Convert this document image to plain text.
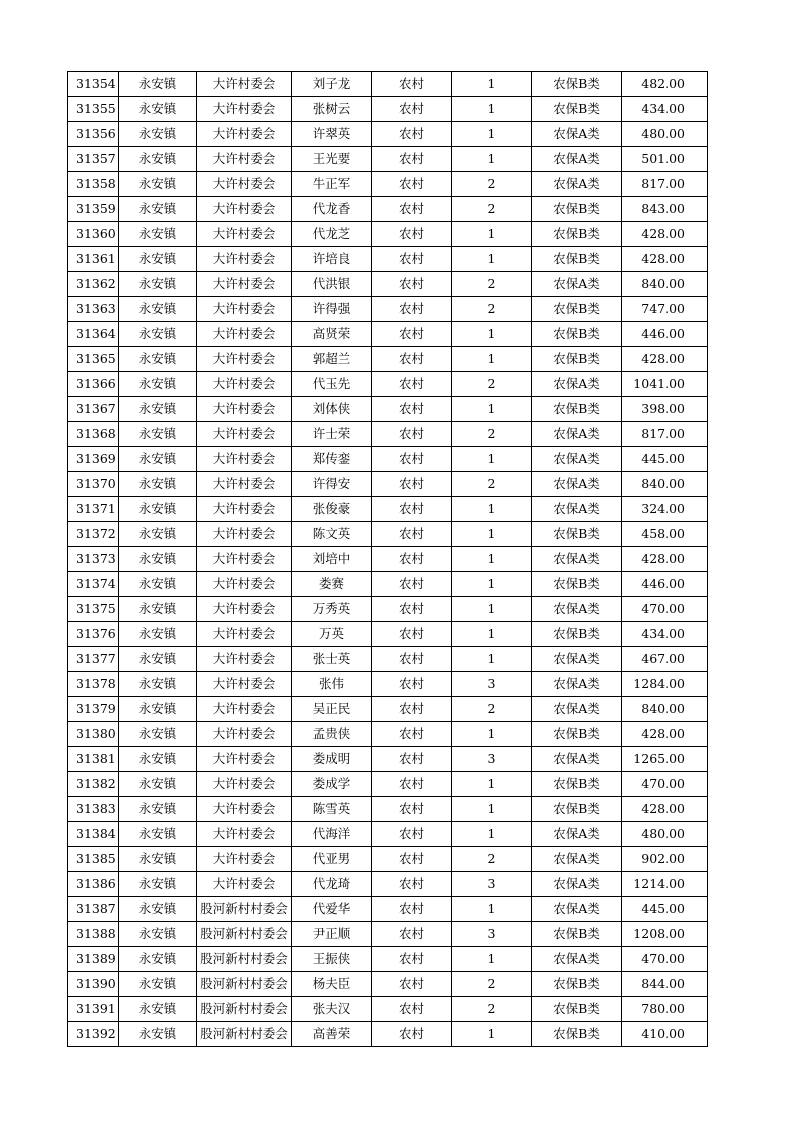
31354	永安镇	大许村委会	刘子龙	农村	1	农保B类	482.00
31355	永安镇	大许村委会	张树云	农村	1	农保B类	434.00
31356	永安镇	大许村委会	许翠英	农村	1	农保A类	480.00
31357	永安镇	大许村委会	王光要	农村	1	农保A类	501.00
31358	永安镇	大许村委会	牛正军	农村	2	农保A类	817.00
31359	永安镇	大许村委会	代龙香	农村	2	农保B类	843.00
31360	永安镇	大许村委会	代龙芝	农村	1	农保B类	428.00
31361	永安镇	大许村委会	许培良	农村	1	农保B类	428.00
31362	永安镇	大许村委会	代洪银	农村	2	农保A类	840.00
31363	永安镇	大许村委会	许得强	农村	2	农保B类	747.00
31364	永安镇	大许村委会	高贤荣	农村	1	农保B类	446.00
31365	永安镇	大许村委会	郭超兰	农村	1	农保B类	428.00
31366	永安镇	大许村委会	代玉先	农村	2	农保A类	1041.00
31367	永安镇	大许村委会	刘体侠	农村	1	农保B类	398.00
31368	永安镇	大许村委会	许士荣	农村	2	农保A类	817.00
31369	永安镇	大许村委会	郑传銮	农村	1	农保A类	445.00
31370	永安镇	大许村委会	许得安	农村	2	农保A类	840.00
31371	永安镇	大许村委会	张俊豪	农村	1	农保A类	324.00
31372	永安镇	大许村委会	陈文英	农村	1	农保B类	458.00
31373	永安镇	大许村委会	刘培中	农村	1	农保A类	428.00
31374	永安镇	大许村委会	娄赛	农村	1	农保B类	446.00
31375	永安镇	大许村委会	万秀英	农村	1	农保A类	470.00
31376	永安镇	大许村委会	万英	农村	1	农保B类	434.00
31377	永安镇	大许村委会	张士英	农村	1	农保A类	467.00
31378	永安镇	大许村委会	张伟	农村	3	农保A类	1284.00
31379	永安镇	大许村委会	吴正民	农村	2	农保A类	840.00
31380	永安镇	大许村委会	孟贵侠	农村	1	农保B类	428.00
31381	永安镇	大许村委会	娄成明	农村	3	农保A类	1265.00
31382	永安镇	大许村委会	娄成学	农村	1	农保B类	470.00
31383	永安镇	大许村委会	陈雪英	农村	1	农保B类	428.00
31384	永安镇	大许村委会	代海洋	农村	1	农保A类	480.00
31385	永安镇	大许村委会	代亚男	农村	2	农保A类	902.00
31386	永安镇	大许村委会	代龙琦	农村	3	农保A类	1214.00
31387	永安镇	股河新村村委会	代爱华	农村	1	农保A类	445.00
31388	永安镇	股河新村村委会	尹正顺	农村	3	农保B类	1208.00
31389	永安镇	股河新村村委会	王振侠	农村	1	农保A类	470.00
31390	永安镇	股河新村村委会	杨夫臣	农村	2	农保B类	844.00
31391	永安镇	股河新村村委会	张夫汉	农村	2	农保B类	780.00
31392	永安镇	股河新村村委会	高善荣	农村	1	农保B类	410.00
